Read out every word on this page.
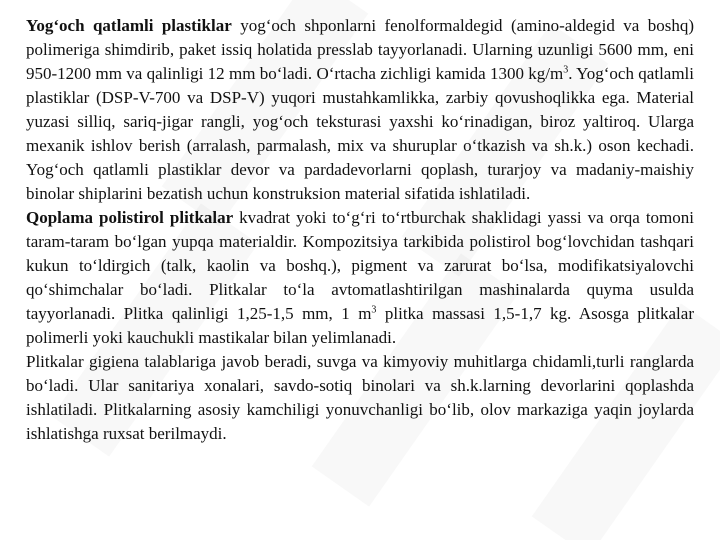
Yog‘och qatlamli plastiklar yog‘och shponlarni fenolformaldegid (amino-aldegid va boshq) polimeriga shimdirib, paket issiq holatida presslab tayyorlanadi. Ularning uzunligi 5600 mm, eni 950-1200 mm va qalinligi 12 mm bo‘ladi. O‘rtacha zichligi kamida 1300 $kg/m^3$. Yog‘och qatlamli plastiklar (DSP-V-700 va DSP-V) yuqori mustahkamlikka, zarbiy qovushoqlikka ega. Material yuzasi silliq, sariq-jigar rangli, yog‘och teksturasi yaxshi ko‘rinadigan, biroz yaltiroq. Ularga mexanik ishlov berish (arralash, parmalash, mix va shuruplar o‘tkazish va sh.k.) oson kechadi. Yog‘och qatlamli plastiklar devor va pardadevorlarni qoplash, turarjoy va madaniy-maishiy binolar shiplarini bezatish uchun konstruksion material sifatida ishlatiladi.

Qoplama polistirol plitkalar kvadrat yoki to‘g‘ri to‘rtburchak shaklidagi yassi va orqa tomoni taram-taram bo‘lgan yupqa materialdir. Kompozitsiya tarkibida polistirol bog‘lovchidan tashqari kukun to‘ldirgich (talk, kaolin va boshq.), pigment va zarurat bo‘lsa, modifikatsiyalovchi qo‘shimchalar bo‘ladi. Plitkalar to‘la avtomatlashtirilgan mashinalarda quyma usulda tayyorlanadi. Plitka qalinligi 1,25-1,5 mm, 1 $m^3$ plitka massasi 1,5-1,7 kg. Asosga plitkalar polimerli yoki kauchukli mastikalar bilan yelimlanadi.

Plitkalar gigiena talablariga javob beradi, suvga va kimyoviy muhitlarga chidamli,turli ranglarda bo‘ladi. Ular sanitariya xonalari, savdo-sotiq binolari va sh.k.larning devorlarini qoplashda ishlatiladi. Plitkalarning asosiy kamchiligi yonuvchanligi bo‘lib, olov markaziga yaqin joylarda ishlatishga ruxsat berilmaydi.
